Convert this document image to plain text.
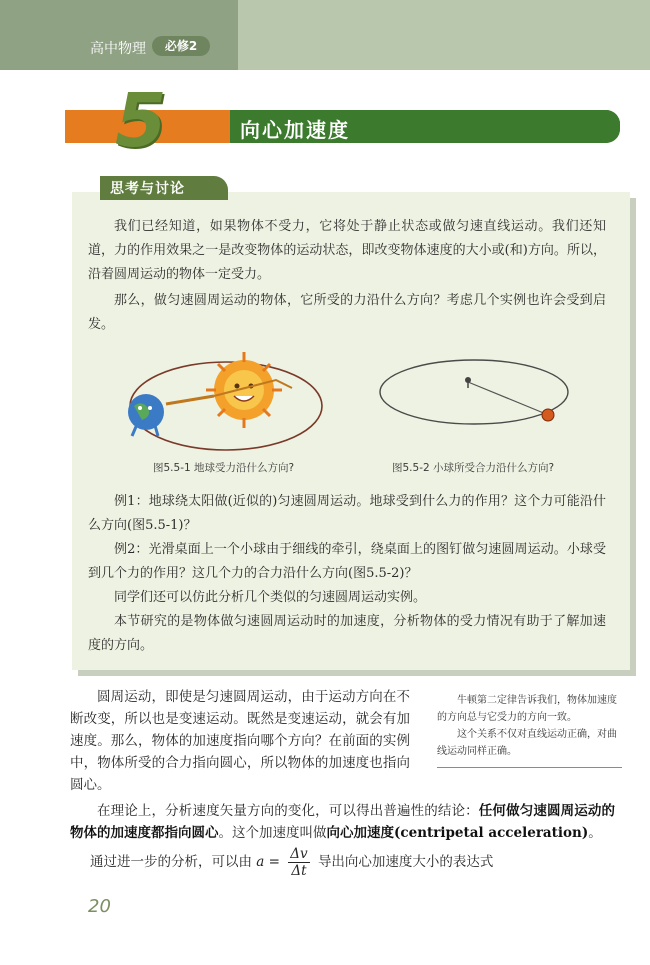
高中物理	必修2
5	向心加速度
思考与讨论

我们已经知道，如果物体不受力，它将处于静止状态或做匀速直线运动。我们还知道，力的作用效果之一是改变物体的运动状态，即改变物体速度的大小或(和)方向。所以，沿着圆周运动的物体一定受力。

那么，做匀速圆周运动的物体，它所受的力沿什么方向？考虑几个实例也许会受到启发。

图5.5-1 地球受力沿什么方向?	图5.5-2 小球所受合力沿什么方向?

例1：地球绕太阳做(近似的)匀速圆周运动。地球受到什么力的作用？这个力可能沿什么方向(图5.5-1)？

例2：光滑桌面上一个小球由于细线的牵引，绕桌面上的图钉做匀速圆周运动。小球受到几个力的作用？这几个力的合力沿什么方向(图5.5-2)？

同学们还可以仿此分析几个类似的匀速圆周运动实例。

本节研究的是物体做匀速圆周运动时的加速度，分析物体的受力情况有助于了解加速度的方向。

圆周运动，即使是匀速圆周运动，由于运动方向在不断改变，所以也是变速运动。既然是变速运动，就会有加速度。那么，物体的加速度指向哪个方向？在前面的实例中，物体所受的合力指向圆心，所以物体的加速度也指向圆心。

牛顿第二定律告诉我们，物体加速度的方向总与它受力的方向一致。

这个关系不仅对直线运动正确，对曲线运动同样正确。

在理论上，分析速度矢量方向的变化，可以得出普遍性的结论：任何做匀速圆周运动的物体的加速度都指向圆心。这个加速度叫做向心加速度(centripetal acceleration)。

通过进一步的分析，可以由 $a = \frac{\Delta v}{\Delta t}$ 导出向心加速度大小的表达式
20
